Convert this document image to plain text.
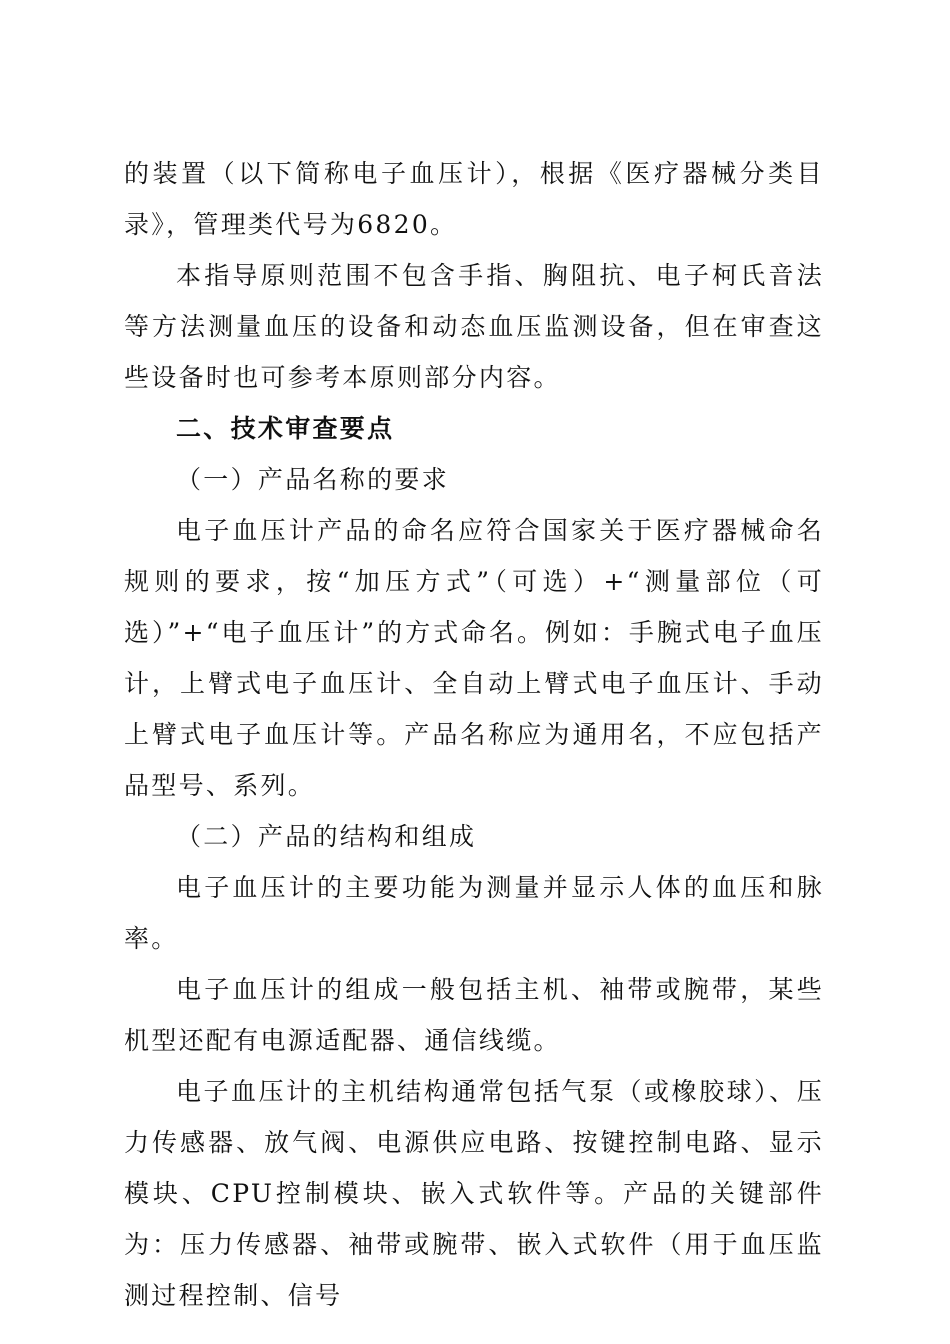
的装置（以下简称电子血压计），根据《医疗器械分类目录》，管理类代号为6820。

本指导原则范围不包含手指、胸阻抗、电子柯氏音法等方法测量血压的设备和动态血压监测设备，但在审查这些设备时也可参考本原则部分内容。

二、技术审查要点

（一）产品名称的要求

电子血压计产品的命名应符合国家关于医疗器械命名规则的要求，按“加压方式”（可选）+“测量部位（可选）”+“电子血压计”的方式命名。例如：手腕式电子血压计，上臂式电子血压计、全自动上臂式电子血压计、手动上臂式电子血压计等。产品名称应为通用名，不应包括产品型号、系列。

（二）产品的结构和组成

电子血压计的主要功能为测量并显示人体的血压和脉率。

电子血压计的组成一般包括主机、袖带或腕带，某些机型还配有电源适配器、通信线缆。

电子血压计的主机结构通常包括气泵（或橡胶球）、压力传感器、放气阀、电源供应电路、按键控制电路、显示模块、CPU控制模块、嵌入式软件等。产品的关键部件为：压力传感器、袖带或腕带、嵌入式软件（用于血压监测过程控制、信号
